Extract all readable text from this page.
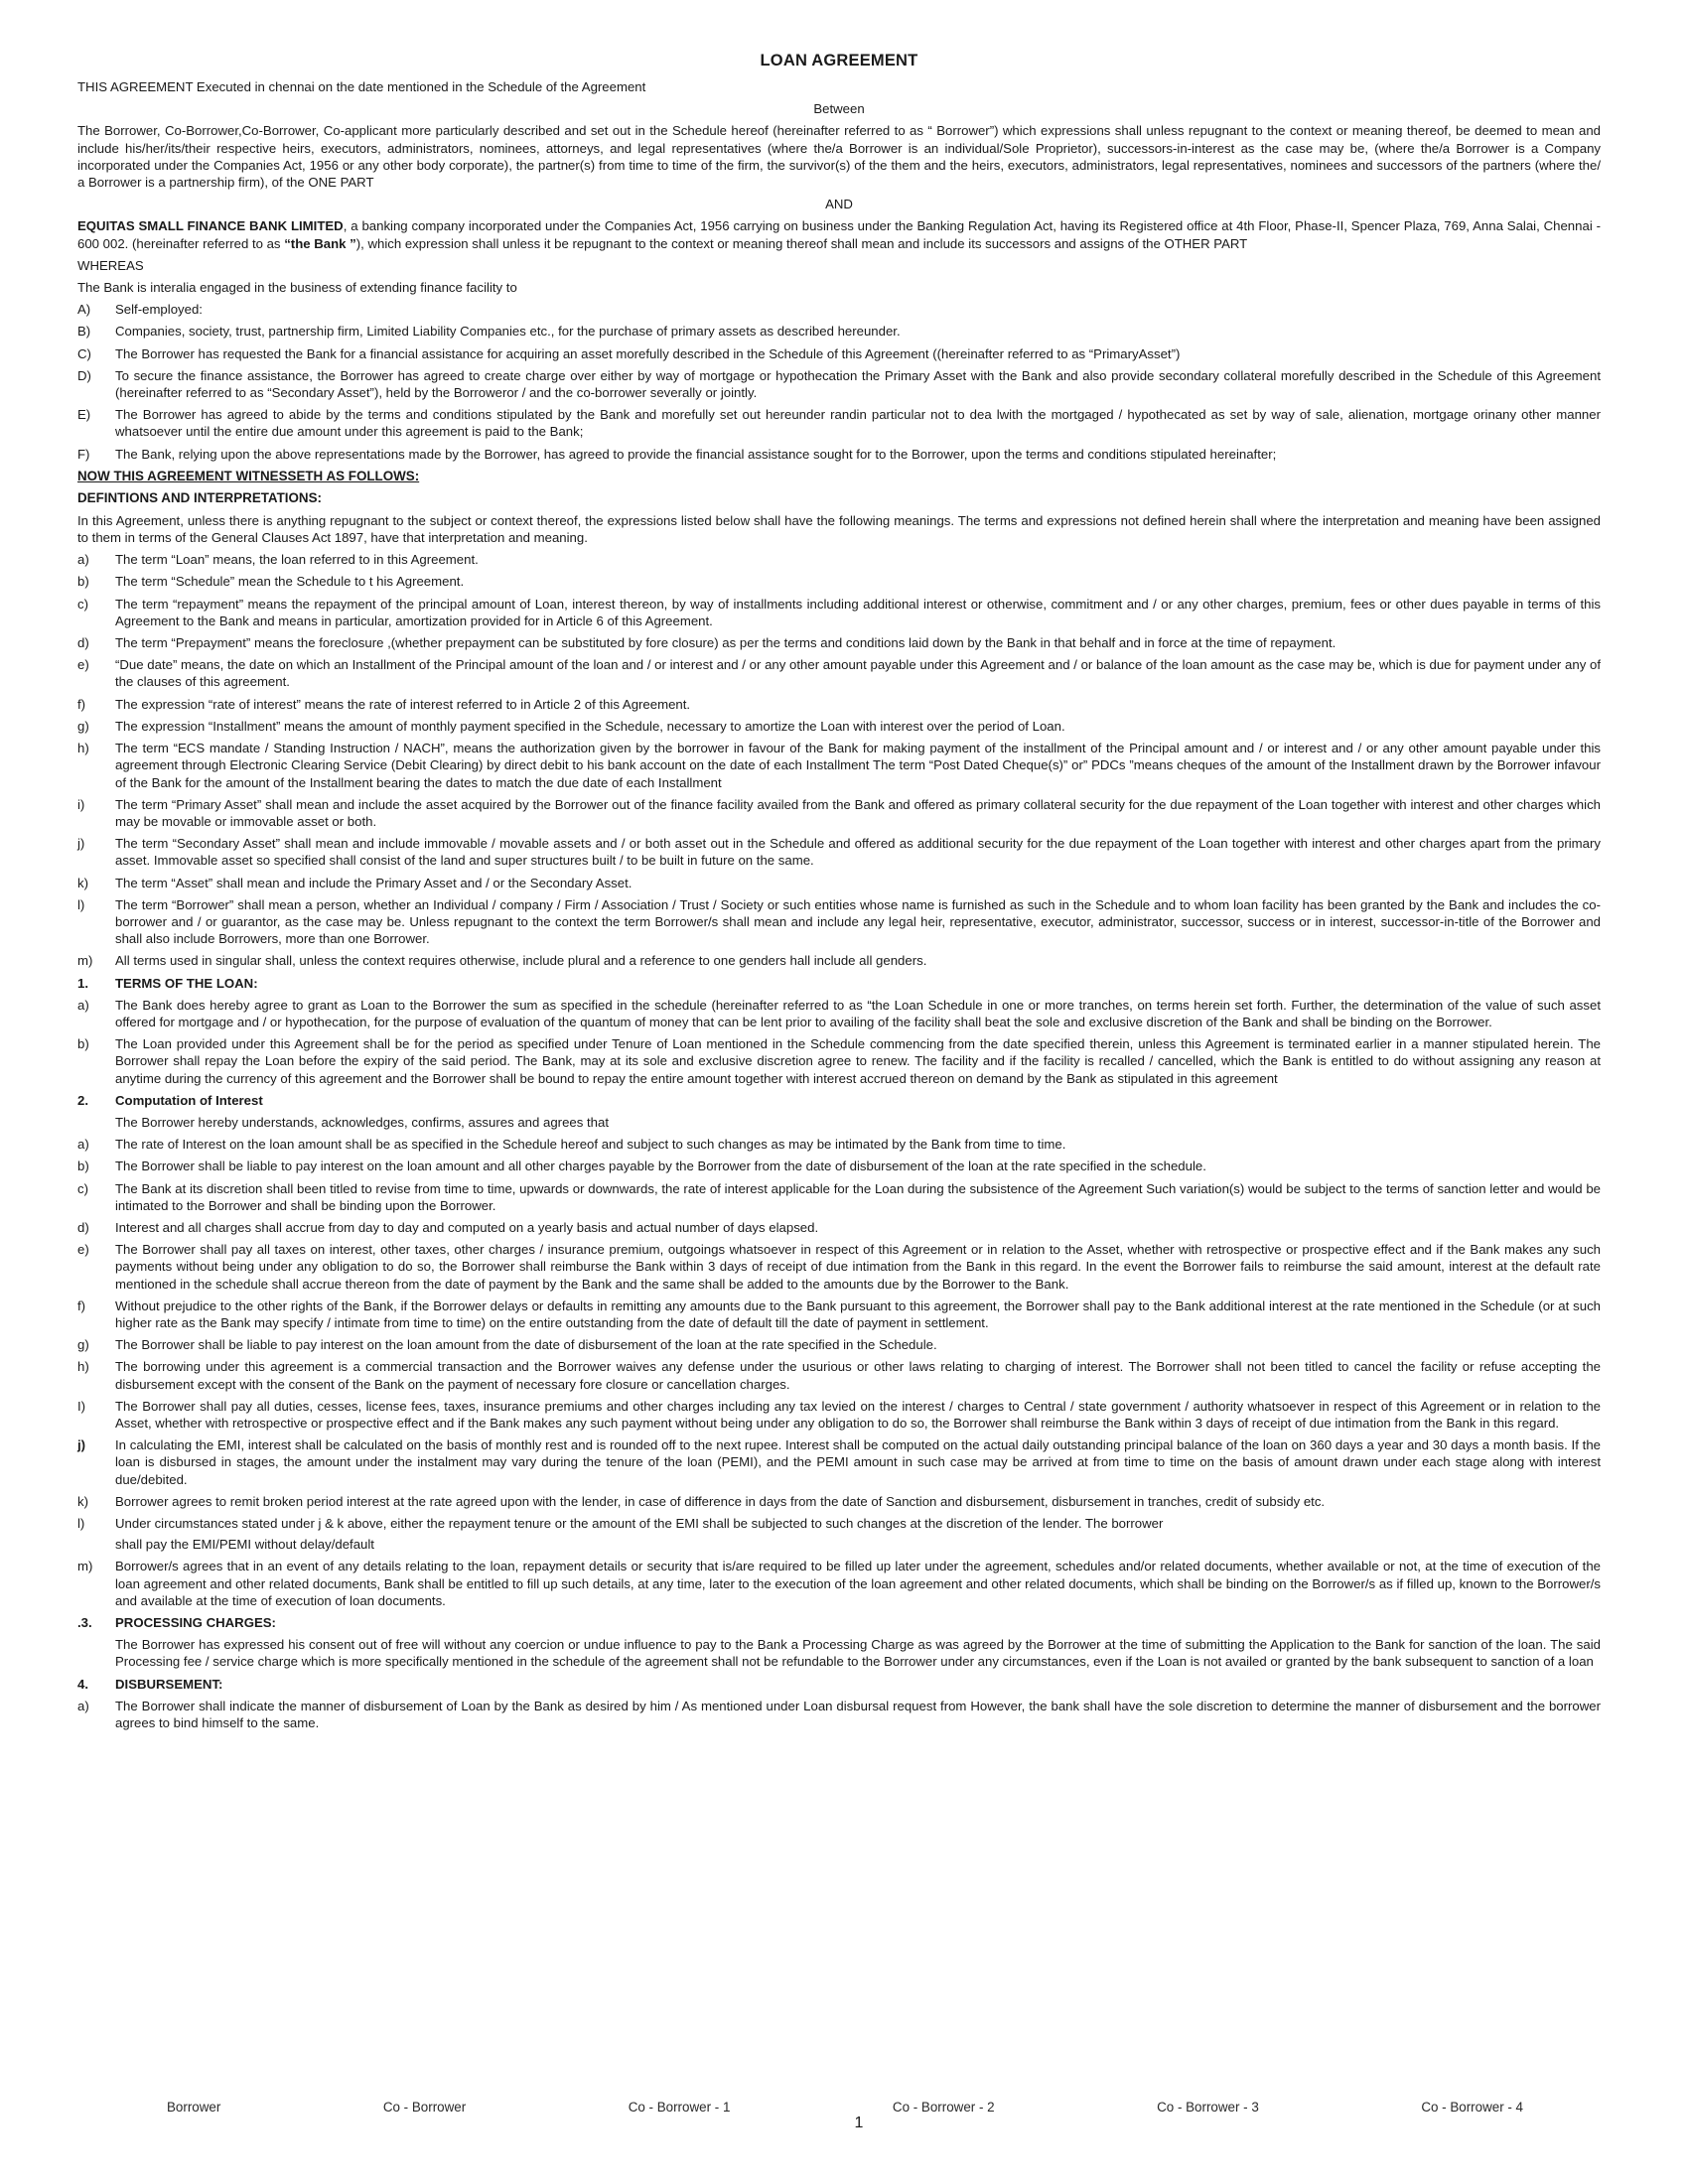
LOAN AGREEMENT
THIS AGREEMENT Executed in chennai on the date mentioned in the Schedule of the Agreement
Between
The Borrower, Co-Borrower,Co-Borrower, Co-applicant more particularly described and set out in the Schedule hereof (hereinafter referred to as “ Borrower”) which expressions shall unless repugnant to the context or meaning thereof, be deemed to mean and include his/her/its/their respective heirs, executors, administrators, nominees, attorneys, and legal representatives (where the/a Borrower is an individual/Sole Proprietor), successors-in-interest as the case may be, (where the/a Borrower is a Company incorporated under the Companies Act, 1956 or any other body corporate), the partner(s) from time to time of the firm, the survivor(s) of the them and the heirs, executors, administrators, legal representatives, nominees and successors of the partners (where the/ a Borrower is a partnership firm), of the ONE PART
AND
EQUITAS SMALL FINANCE BANK LIMITED, a banking company incorporated under the Companies Act, 1956 carrying on business under the Banking Regulation Act, having its Registered office at 4th Floor, Phase-II, Spencer Plaza, 769, Anna Salai, Chennai - 600 002. (hereinafter referred to as “the Bank ”), which expression shall unless it be repugnant to the context or meaning thereof shall mean and include its successors and assigns of the OTHER PART
WHEREAS
The Bank is interalia engaged in the business of extending finance facility to
A)	Self-employed:
B)	Companies, society, trust, partnership firm, Limited Liability Companies etc., for the purchase of primary assets as described hereunder.
C)	The Borrower has requested the Bank for a financial assistance for acquiring an asset morefully described in the Schedule of this Agreement ((hereinafter referred to as “PrimaryAsset”)
D)	To secure the finance assistance, the Borrower has agreed to create charge over either by way of mortgage or hypothecation the Primary Asset with the Bank and also provide secondary collateral morefully described in the Schedule of this Agreement (hereinafter referred to as “Secondary Asset”), held by the Borroweror / and the co-borrower severally or jointly.
E)	The Borrower has agreed to abide by the terms and conditions stipulated by the Bank and morefully set out hereunder randin particular not to dea lwith the mortgaged / hypothecated as set by way of sale, alienation, mortgage orinany other manner whatsoever until the entire due amount under this agreement is paid to the Bank;
F)	The Bank, relying upon the above representations made by the Borrower, has agreed to provide the financial assistance sought for to the Borrower, upon the terms and conditions stipulated hereinafter;
NOW THIS AGREEMENT WITNESSETH AS FOLLOWS:
DEFINTIONS AND INTERPRETATIONS:
In this Agreement, unless there is anything repugnant to the subject or context thereof, the expressions listed below shall have the following meanings. The terms and expressions not defined herein shall where the interpretation and meaning have been assigned to them in terms of the General Clauses Act 1897, have that interpretation and meaning.
a)	The term “Loan” means, the loan referred to in this Agreement.
b)	The term “Schedule” mean the Schedule to t his Agreement.
c)	The term “repayment” means the repayment of the principal amount of Loan, interest thereon, by way of installments including additional interest or otherwise, commitment and / or any other charges, premium, fees or other dues payable in terms of this Agreement to the Bank and means in particular, amortization provided for in Article 6 of this Agreement.
d)	The term “Prepayment” means the foreclosure ,(whether prepayment can be substituted by fore closure) as per the terms and conditions laid down by the Bank in that behalf and in force at the time of repayment.
e)	“Due date” means, the date on which an Installment of the Principal amount of the loan and / or interest and / or any other amount payable under this Agreement and / or balance of the loan amount as the case may be, which is due for payment under any of the clauses of this agreement.
f)	The expression “rate of interest” means the rate of interest referred to in Article 2 of this Agreement.
g)	The expression “Installment” means the amount of monthly payment specified in the Schedule, necessary to amortize the Loan with interest over the period of Loan.
h)	The term “ECS mandate / Standing Instruction / NACH”, means the authorization given by the borrower in favour of the Bank for making payment of the installment of the Principal amount and / or interest and / or any other amount payable under this agreement through Electronic Clearing Service (Debit Clearing) by direct debit to his bank account on the date of each Installment The term “Post Dated Cheque(s)” or” PDCs ”means cheques of the amount of the Installment drawn by the Borrower infavour of the Bank for the amount of the Installment bearing the dates to match the due date of each Installment
i)	The term “Primary Asset” shall mean and include the asset acquired by the Borrower out of the finance facility availed from the Bank and offered as primary collateral security for the due repayment of the Loan together with interest and other charges which may be movable or immovable asset or both.
j)	The term “Secondary Asset” shall mean and include immovable / movable assets and / or both asset out in the Schedule and offered as additional security for the due repayment of the Loan together with interest and other charges apart from the primary asset. Immovable asset so specified shall consist of the land and super structures built / to be built in future on the same.
k)	The term “Asset” shall mean and include the Primary Asset and / or the Secondary Asset.
l)	The term “Borrower” shall mean a person, whether an Individual / company / Firm / Association / Trust / Society or such entities whose name is furnished as such in the Schedule and to whom loan facility has been granted by the Bank and includes the co-borrower and / or guarantor, as the case may be. Unless repugnant to the context the term Borrower/s shall mean and include any legal heir, representative, executor, administrator, successor, success or in interest, successor-in-title of the Borrower and shall also include Borrowers, more than one Borrower.
m)	All terms used in singular shall, unless the context requires otherwise, include plural and a reference to one genders hall include all genders.
1.	TERMS OF THE LOAN:
a)	The Bank does hereby agree to grant as Loan to the Borrower the sum as specified in the schedule (hereinafter referred to as “the Loan Schedule in one or more tranches, on terms herein set forth. Further, the determination of the value of such asset offered for mortgage and / or hypothecation, for the purpose of evaluation of the quantum of money that can be lent prior to availing of the facility shall beat the sole and exclusive discretion of the Bank and shall be binding on the Borrower.
b)	The Loan provided under this Agreement shall be for the period as specified under Tenure of Loan mentioned in the Schedule commencing from the date specified therein, unless this Agreement is terminated earlier in a manner stipulated herein. The Borrower shall repay the Loan before the expiry of the said period. The Bank, may at its sole and exclusive discretion agree to renew. The facility and if the facility is recalled / cancelled, which the Bank is entitled to do without assigning any reason at anytime during the currency of this agreement and the Borrower shall be bound to repay the entire amount together with interest accrued thereon on demand by the Bank as stipulated in this agreement
2.	Computation of Interest
The Borrower hereby understands, acknowledges, confirms, assures and agrees that
a)	The rate of Interest on the loan amount shall be as specified in the Schedule hereof and subject to such changes as may be intimated by the Bank from time to time.
b)	The Borrower shall be liable to pay interest on the loan amount and all other charges payable by the Borrower from the date of disbursement of the loan at the rate specified in the schedule.
c)	The Bank at its discretion shall been titled to revise from time to time, upwards or downwards, the rate of interest applicable for the Loan during the subsistence of the Agreement Such variation(s) would be subject to the terms of sanction letter and would be intimated to the Borrower and shall be binding upon the Borrower.
d)	Interest and all charges shall accrue from day to day and computed on a yearly basis and actual number of days elapsed.
e)	The Borrower shall pay all taxes on interest, other taxes, other charges / insurance premium, outgoings whatsoever in respect of this Agreement or in relation to the Asset, whether with retrospective or prospective effect and if the Bank makes any such payments without being under any obligation to do so, the Borrower shall reimburse the Bank within 3 days of receipt of due intimation from the Bank in this regard. In the event the Borrower fails to reimburse the said amount, interest at the default rate mentioned in the schedule shall accrue thereon from the date of payment by the Bank and the same shall be added to the amounts due by the Borrower to the Bank.
f)	Without prejudice to the other rights of the Bank, if the Borrower delays or defaults in remitting any amounts due to the Bank pursuant to this agreement, the Borrower shall pay to the Bank additional interest at the rate mentioned in the Schedule (or at such higher rate as the Bank may specify / intimate from time to time) on the entire outstanding from the date of default till the date of payment in settlement.
g)	The Borrower shall be liable to pay interest on the loan amount from the date of disbursement of the loan at the rate specified in the Schedule.
h)	The borrowing under this agreement is a commercial transaction and the Borrower waives any defense under the usurious or other laws relating to charging of interest. The Borrower shall not been titled to cancel the facility or refuse accepting the disbursement except with the consent of the Bank on the payment of necessary fore closure or cancellation charges.
I)	The Borrower shall pay all duties, cesses, license fees, taxes, insurance premiums and other charges including any tax levied on the interest / charges to Central / state government / authority whatsoever in respect of this Agreement or in relation to the Asset, whether with retrospective or prospective effect and if the Bank makes any such payment without being under any obligation to do so, the Borrower shall reimburse the Bank within 3 days of receipt of due intimation from the Bank in this regard.
j)	In calculating the EMI, interest shall be calculated on the basis of monthly rest and is rounded off to the next rupee. Interest shall be computed on the actual daily outstanding principal balance of the loan on 360 days a year and 30 days a month basis. If the loan is disbursed in stages, the amount under the instalment may vary during the tenure of the loan (PEMI), and the PEMI amount in such case may be arrived at from time to time on the basis of amount drawn under each stage along with interest due/debited.
k)	Borrower agrees to remit broken period interest at the rate agreed upon with the lender, in case of difference in days from the date of Sanction and disbursement, disbursement in tranches, credit of subsidy etc.
l)	Under circumstances stated under j & k above, either the repayment tenure or the amount of the EMI shall be subjected to such changes at the discretion of the lender. The borrower
shall pay the EMI/PEMI without delay/default
m)	Borrower/s agrees that in an event of any details relating to the loan, repayment details or security that is/are required to be filled up later under the agreement, schedules and/or related documents, whether available or not, at the time of execution of the loan agreement and other related documents, Bank shall be entitled to fill up such details, at any time, later to the execution of the loan agreement and other related documents, which shall be binding on the Borrower/s as if filled up, known to the Borrower/s and available at the time of execution of loan documents.
.3.	PROCESSING CHARGES:
The Borrower has expressed his consent out of free will without any coercion or undue influence to pay to the Bank a Processing Charge as was agreed by the Borrower at the time of submitting the Application to the Bank for sanction of the loan. The said Processing fee / service charge which is more specifically mentioned in the schedule of the agreement shall not be refundable to the Borrower under any circumstances, even if the Loan is not availed or granted by the bank subsequent to sanction of a loan
4.	DISBURSEMENT:
a)	The Borrower shall indicate the manner of disbursement of Loan by the Bank as desired by him / As mentioned under Loan disbursal request from However, the bank shall have the sole discretion to determine the manner of disbursement and the borrower agrees to bind himself to the same.
Borrower	Co - Borrower	Co - Borrower - 1	Co - Borrower - 2	Co - Borrower - 3	Co - Borrower - 4
1
